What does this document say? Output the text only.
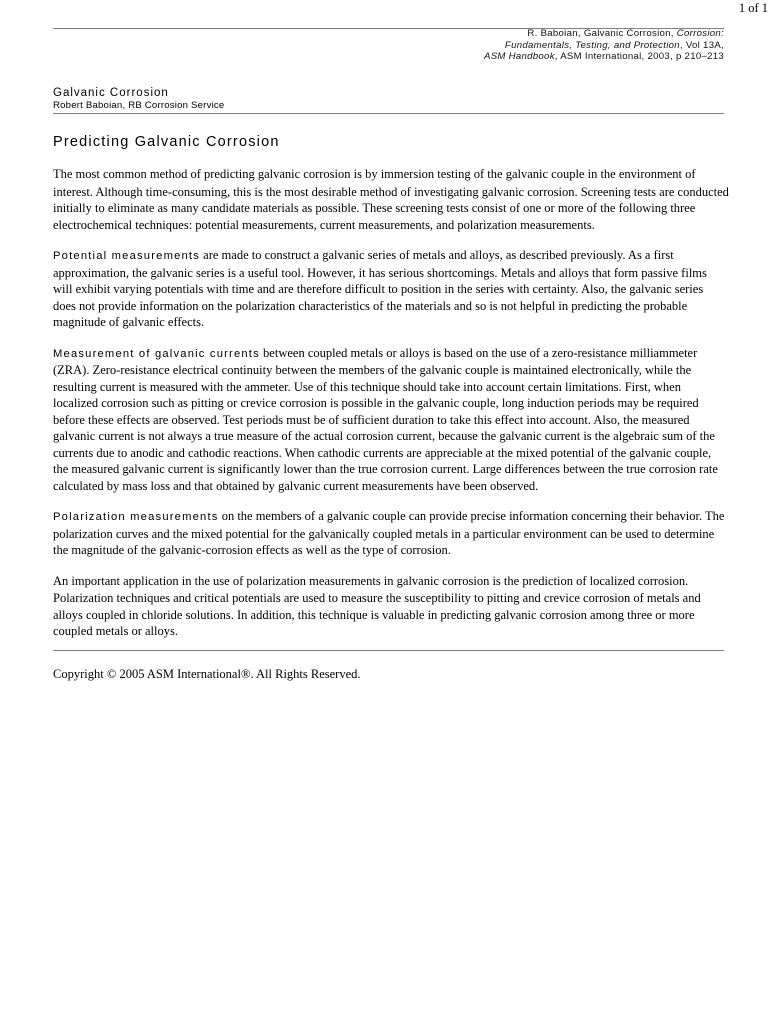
1 of 1
R. Baboian, Galvanic Corrosion, Corrosion: Fundamentals, Testing, and Protection, Vol 13A, ASM Handbook, ASM International, 2003, p 210–213
Galvanic Corrosion
Robert Baboian, RB Corrosion Service
Predicting Galvanic Corrosion

The most common method of predicting galvanic corrosion is by immersion testing of the galvanic couple in the environment of interest. Although time-consuming, this is the most desirable method of investigating galvanic corrosion. Screening tests are conducted initially to eliminate as many candidate materials as possible. These screening tests consist of one or more of the following three electrochemical techniques: potential measurements, current measurements, and polarization measurements.

Potential measurements are made to construct a galvanic series of metals and alloys, as described previously. As a first approximation, the galvanic series is a useful tool. However, it has serious shortcomings. Metals and alloys that form passive films will exhibit varying potentials with time and are therefore difficult to position in the series with certainty. Also, the galvanic series does not provide information on the polarization characteristics of the materials and so is not helpful in predicting the probable magnitude of galvanic effects.

Measurement of galvanic currents between coupled metals or alloys is based on the use of a zero-resistance milliammeter (ZRA). Zero-resistance electrical continuity between the members of the galvanic couple is maintained electronically, while the resulting current is measured with the ammeter. Use of this technique should take into account certain limitations. First, when localized corrosion such as pitting or crevice corrosion is possible in the galvanic couple, long induction periods may be required before these effects are observed. Test periods must be of sufficient duration to take this effect into account. Also, the measured galvanic current is not always a true measure of the actual corrosion current, because the galvanic current is the algebraic sum of the currents due to anodic and cathodic reactions. When cathodic currents are appreciable at the mixed potential of the galvanic couple, the measured galvanic current is significantly lower than the true corrosion current. Large differences between the true corrosion rate calculated by mass loss and that obtained by galvanic current measurements have been observed.

Polarization measurements on the members of a galvanic couple can provide precise information concerning their behavior. The polarization curves and the mixed potential for the galvanically coupled metals in a particular environment can be used to determine the magnitude of the galvanic-corrosion effects as well as the type of corrosion.

An important application in the use of polarization measurements in galvanic corrosion is the prediction of localized corrosion. Polarization techniques and critical potentials are used to measure the susceptibility to pitting and crevice corrosion of metals and alloys coupled in chloride solutions. In addition, this technique is valuable in predicting galvanic corrosion among three or more coupled metals or alloys.

Copyright © 2005 ASM International®. All Rights Reserved.
